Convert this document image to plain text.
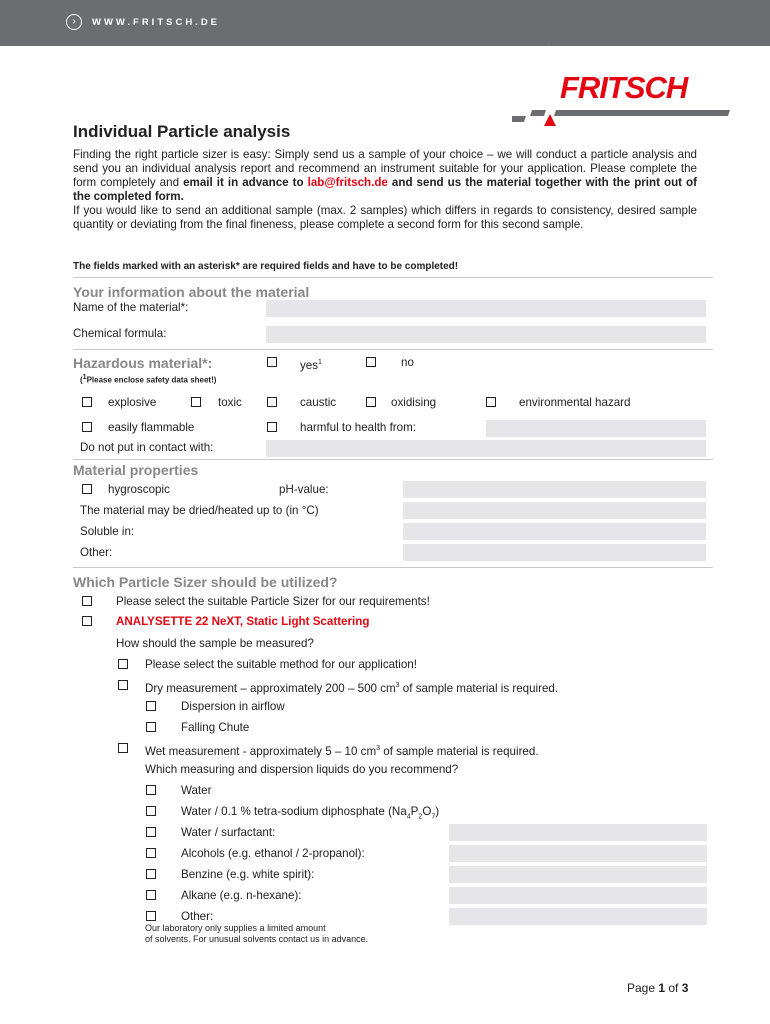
›	WWW.FRITSCH.DE
FRITSCH
Individual Particle analysis

Finding the right particle sizer is easy: Simply send us a sample of your choice – we will conduct a particle analysis and send you an individual analysis report and recommend an instrument suitable for your application. Please complete the form completely and email it in advance to lab@fritsch.de and send us the material together with the print out of the completed form.

If you would like to send an additional sample (max. 2 samples) which differs in regards to consistency, desired sample quantity or deviating from the final fineness, please complete a second form for this second sample.

The fields marked with an asterisk* are required fields and have to be completed!
Your information about the material
Name of the material*:
Chemical formula:
Hazardous material*:
($^1$Please enclose safety data sheet!)
yes$^1$	no
explosive	toxic	caustic	oxidising	environmental hazard
easily flammable	harmful to health from:
Do not put in contact with:
Material properties
hygroscopic	pH-value:
The material may be dried/heated up to (in °C)
Soluble in:
Other:
Which Particle Sizer should be utilized?
Please select the suitable Particle Sizer for our requirements!
ANALYSETTE 22 NeXT, Static Light Scattering
How should the sample be measured?
Please select the suitable method for our application!
Dry measurement – approximately 200 – 500 $cm^3$ of sample material is required.
Dispersion in airflow
Falling Chute
Wet measurement - approximately 5 – 10 $cm^3$ of sample material is required.
Which measuring and dispersion liquids do you recommend?
Water
Water / 0.1 % tetra-sodium diphosphate $(Na_4P_2O_7)$
Water / surfactant:
Alcohols (e.g. ethanol / 2-propanol):
Benzine (e.g. white spirit):
Alkane (e.g. n-hexane):
Other:
Our laboratory only supplies a limited amount
of solvents. For unusual solvents contact us in advance.
Page 1 of 3
